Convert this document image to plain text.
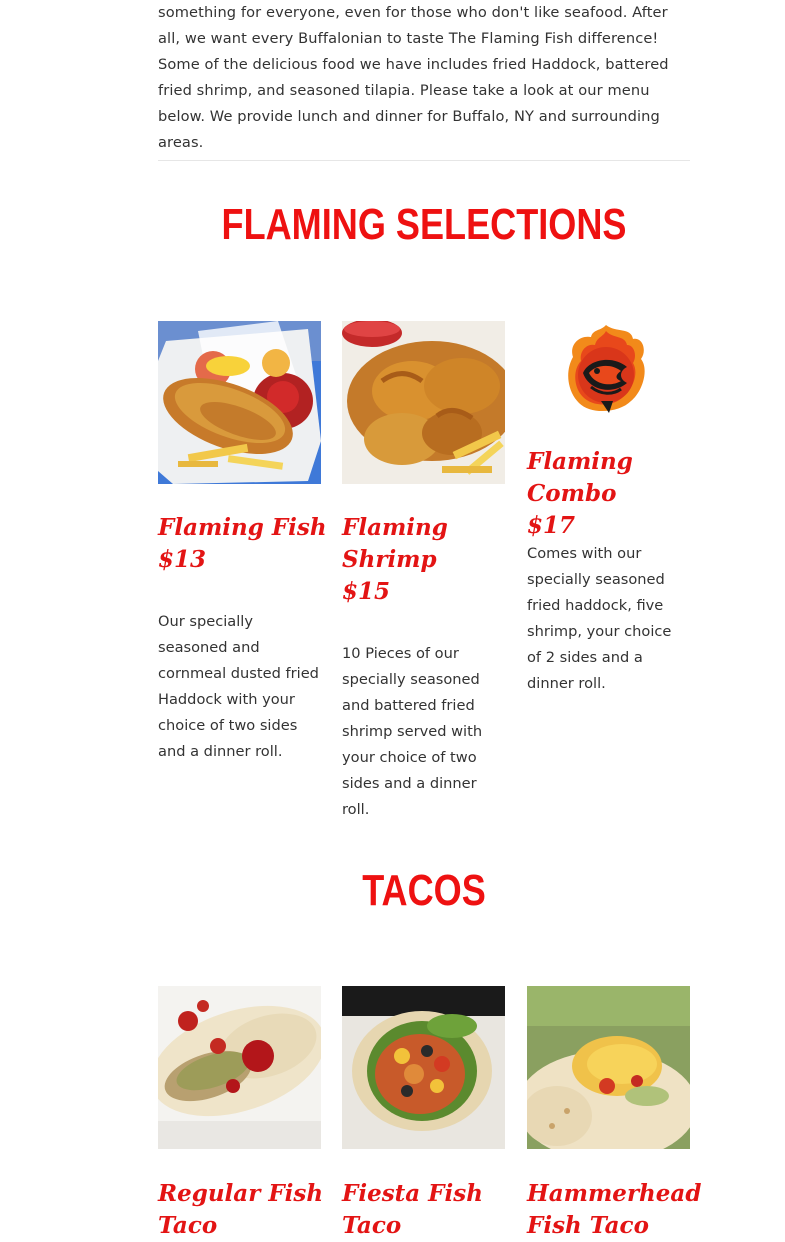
something for everyone, even for those who don't like seafood. After all, we want every Buffalonian to taste The Flaming Fish difference! Some of the delicious food we have includes fried Haddock, battered fried shrimp, and seasoned tilapia. Please take a look at our menu below. We provide lunch and dinner for Buffalo, NY and surrounding areas.

FLAMING SELECTIONS
Flaming Fish
$13

Our specially seasoned and cornmeal dusted fried Haddock with your choice of two sides and a dinner roll.

Flaming Shrimp
$15

10 Pieces of our specially seasoned and battered fried shrimp served with your choice of two sides and a dinner roll.

Flaming Combo
$17

Comes with our specially seasoned fried haddock, five shrimp, your choice of 2 sides and a dinner roll.

TACOS
Regular Fish Taco
Fiesta Fish Taco
Hammerhead Fish Taco
